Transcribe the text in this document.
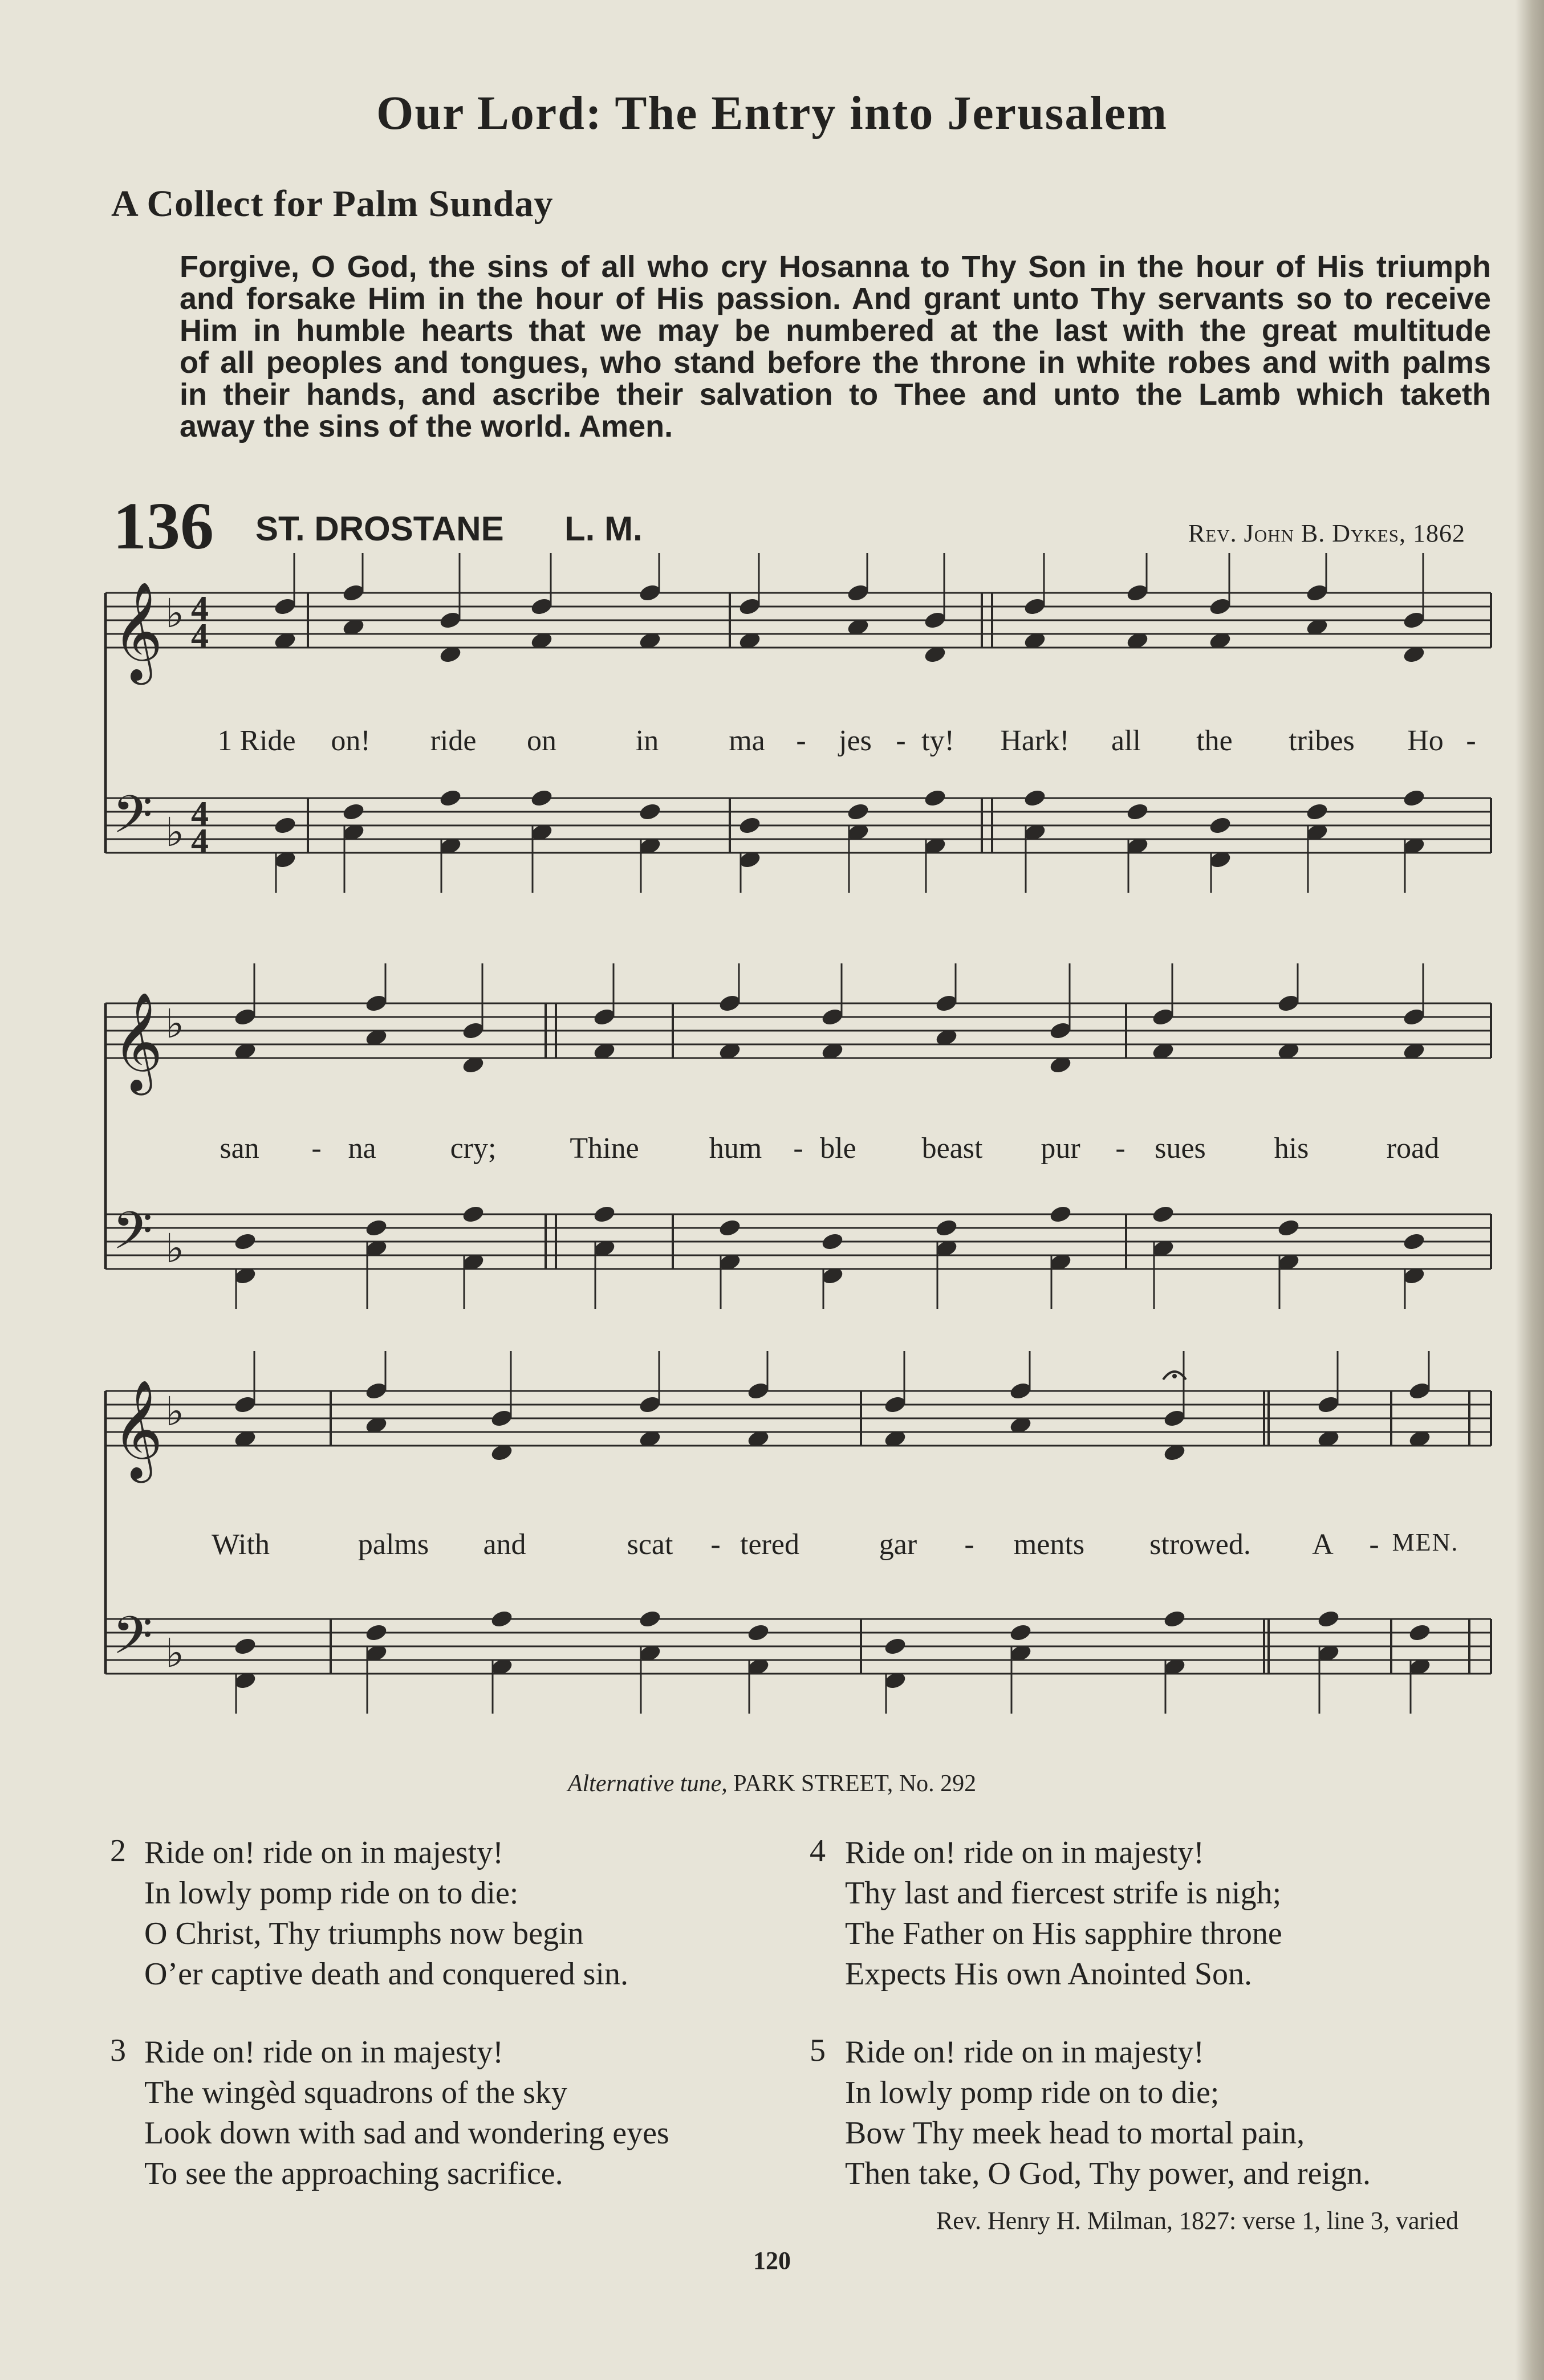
Our Lord: The Entry into Jerusalem
A Collect for Palm Sunday
Forgive, O God, the sins of all who cry Hosanna to Thy Son in the hour of His triumph
and forsake Him in the hour of His passion. And grant unto Thy servants so to receive
Him in humble hearts that we may be numbered at the last with the great multitude
of all peoples and tongues, who stand before the throne in white robes and with palms
in their hands, and ascribe their salvation to Thee and unto the Lamb which taketh
away the sins of the world. Amen.
136 ST. DROSTANE L. M.	Rev. John B. Dykes, 1862
𝄞
𝄢
♭
♭
4
4
4
4
𝄞
𝄢
♭
♭
𝄞
𝄢
♭
♭
1 Ride on! ride on	in ma - jes - ty! Hark! all the tribes Ho -
san - na	cry; Thine hum - ble beast pur - sues his	road
With	palms and	scat - tered	gar - ments strowed. A - MEN.
Alternative tune, PARK STREET, No. 292
2 Ride on! ride on in majesty!
In lowly pomp ride on to die:
O Christ, Thy triumphs now begin
O’er captive death and conquered sin.
3 Ride on! ride on in majesty!
The wingèd squadrons of the sky
Look down with sad and wondering eyes
To see the approaching sacrifice.
4 Ride on! ride on in majesty!
Thy last and fiercest strife is nigh;
The Father on His sapphire throne
Expects His own Anointed Son.
5 Ride on! ride on in majesty!
In lowly pomp ride on to die;
Bow Thy meek head to mortal pain,
Then take, O God, Thy power, and reign.
Rev. Henry H. Milman, 1827: verse 1, line 3, varied
120
